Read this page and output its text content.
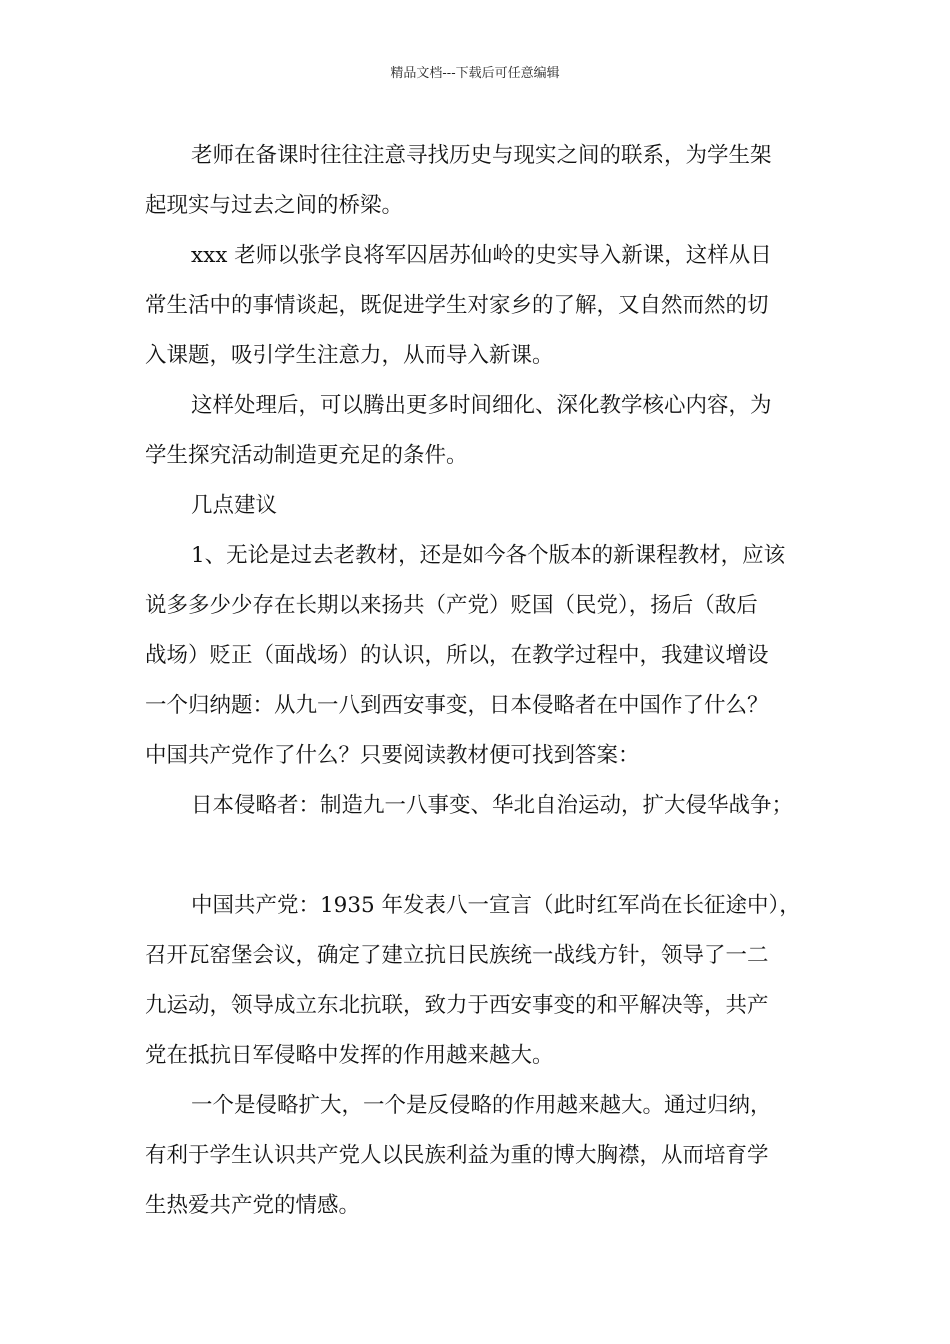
精品文档---下载后可任意编辑

老师在备课时往往注意寻找历史与现实之间的联系，为学生架
起现实与过去之间的桥梁。

xxx 老师以张学良将军囚居苏仙岭的史实导入新课，这样从日
常生活中的事情谈起，既促进学生对家乡的了解，又自然而然的切
入课题，吸引学生注意力，从而导入新课。

这样处理后，可以腾出更多时间细化、深化教学核心内容，为
学生探究活动制造更充足的条件。

几点建议

1、无论是过去老教材，还是如今各个版本的新课程教材，应该
说多多少少存在长期以来扬共（产党）贬国（民党），扬后（敌后
战场）贬正（面战场）的认识，所以，在教学过程中，我建议增设
一个归纳题：从九一八到西安事变，日本侵略者在中国作了什么？
中国共产党作了什么？只要阅读教材便可找到答案：

日本侵略者：制造九一八事变、华北自治运动，扩大侵华战争；

中国共产党：1935 年发表八一宣言（此时红军尚在长征途中），
召开瓦窑堡会议，确定了建立抗日民族统一战线方针，领导了一二
九运动，领导成立东北抗联，致力于西安事变的和平解决等，共产
党在抵抗日军侵略中发挥的作用越来越大。

一个是侵略扩大，一个是反侵略的作用越来越大。通过归纳，
有利于学生认识共产党人以民族利益为重的博大胸襟，从而培育学
生热爱共产党的情感。
